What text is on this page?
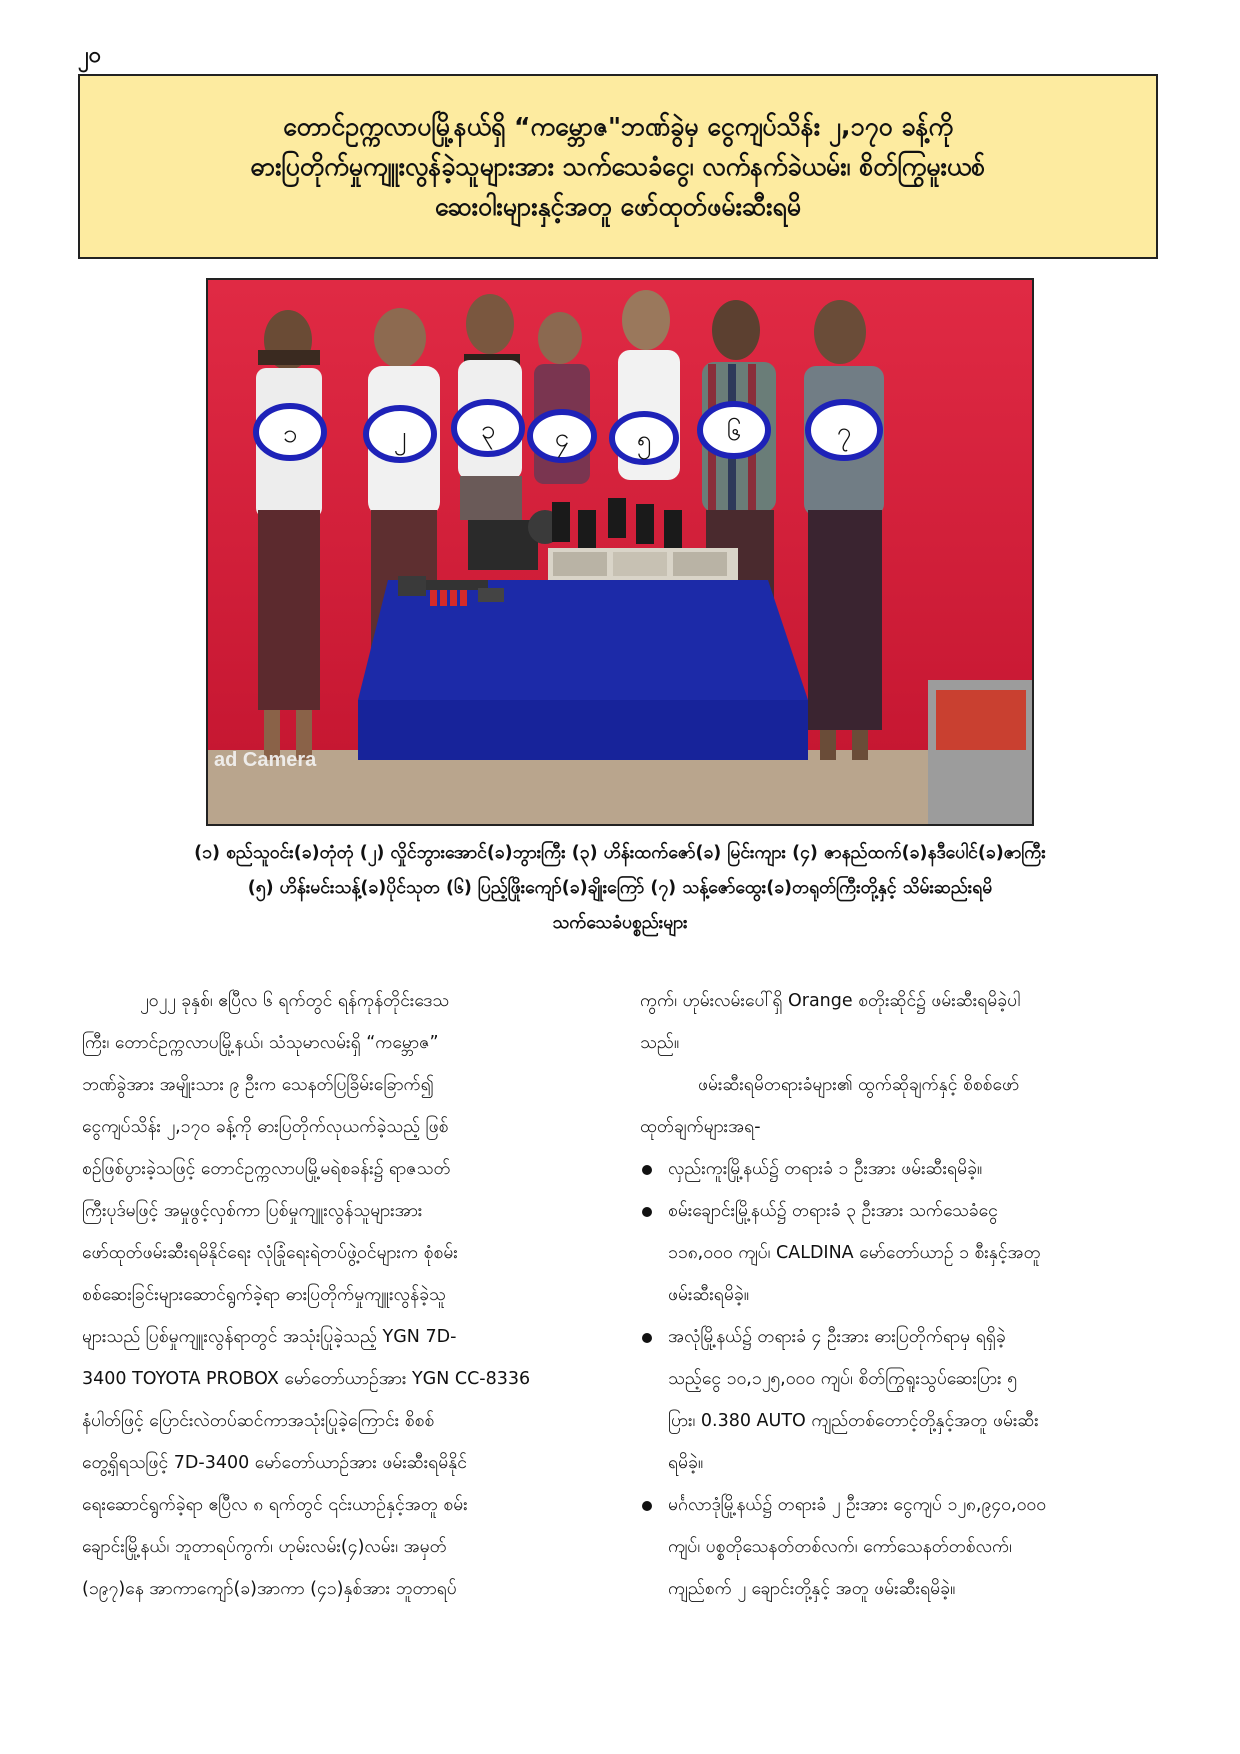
၂၀
တောင်ဥက္ကလာပမြို့နယ်ရှိ “ကမ္ဘောဇ"ဘဏ်ခွဲမှ ငွေကျပ်သိန်း ၂,၁၇၀ ခန့်ကို
ဓားပြတိုက်မှုကျူးလွန်ခဲ့သူများအား သက်သေခံငွေ၊ လက်နက်ခဲယမ်း၊ စိတ်ကြွမူးယစ်
ဆေးဝါးများနှင့်အတူ ဖော်ထုတ်ဖမ်းဆီးရမိ
၁	၂	၃ ၄	၅	၆	၇
ad Camera
(၁) စည်သူဝင်း(ခ)တုံတုံ (၂) လှိုင်ဘွားအောင်(ခ)ဘွားကြီး (၃) ဟိန်းထက်ဇော်(ခ) မြင်းကျား (၄) ဇာနည်ထက်(ခ)နဒီပေါင်(ခ)ဇာကြီး
(၅) ဟိန်းမင်းသန့်(ခ)ပိုင်သုတ (၆) ပြည့်ဖြိုးကျော်(ခ)ချိုးကြော် (၇) သန့်ဇော်ထွေး(ခ)တရုတ်ကြီးတို့နှင့် သိမ်းဆည်းရမိ
သက်သေခံပစ္စည်းများ
၂၀၂၂ ခုနှစ်၊ ဧပြီလ ၆ ရက်တွင် ရန်ကုန်တိုင်းဒေသ
ကြီး၊ တောင်ဥက္ကလာပမြို့နယ်၊ သံသုမာလမ်းရှိ “ကမ္ဘောဇ”
ဘဏ်ခွဲအား အမျိုးသား ၉ ဦးက သေနတ်ပြခြိမ်းခြောက်၍
ငွေကျပ်သိန်း ၂,၁၇၀ ခန့်ကို ဓားပြတိုက်လုယက်ခဲ့သည့် ဖြစ်
စဉ်ဖြစ်ပွားခဲ့သဖြင့် တောင်ဥက္ကလာပမြို့မရဲစခန်း၌ ရာဇသတ်
ကြီးပုဒ်မဖြင့် အမှုဖွင့်လှစ်ကာ ပြစ်မှုကျူးလွန်သူများအား
ဖော်ထုတ်ဖမ်းဆီးရမိနိုင်ရေး လုံခြုံရေးရဲတပ်ဖွဲ့ဝင်များက စုံစမ်း
စစ်ဆေးခြင်းများဆောင်ရွက်ခဲ့ရာ ဓားပြတိုက်မှုကျူးလွန်ခဲ့သူ
များသည် ပြစ်မှုကျူးလွန်ရာတွင် အသုံးပြုခဲ့သည့် YGN 7D-
3400 TOYOTA PROBOX မော်တော်ယာဉ်အား YGN CC-8336
နံပါတ်ဖြင့် ပြောင်းလဲတပ်ဆင်ကာအသုံးပြုခဲ့ကြောင်း စိစစ်
တွေ့ရှိရသဖြင့် 7D-3400 မော်တော်ယာဉ်အား ဖမ်းဆီးရမိနိုင်
ရေးဆောင်ရွက်ခဲ့ရာ ဧပြီလ ၈ ရက်တွင် ၎င်းယာဉ်နှင့်အတူ စမ်း
ချောင်းမြို့နယ်၊ ဘူတာရပ်ကွက်၊ ဟုမ်းလမ်း(၄)လမ်း၊ အမှတ်
(၁၉၇)နေ အာကာကျော်(ခ)အာကာ (၄၁)နှစ်အား ဘူတာရပ်
ကွက်၊ ဟုမ်းလမ်းပေါ်ရှိ Orange စတိုးဆိုင်၌ ဖမ်းဆီးရမိခဲ့ပါ
သည်။
ဖမ်းဆီးရမိတရားခံများ၏ ထွက်ဆိုချက်နှင့် စိစစ်ဖော်
ထုတ်ချက်များအရ-
လှည်းကူးမြို့နယ်၌ တရားခံ ၁ ဦးအား ဖမ်းဆီးရမိခဲ့။
စမ်းချောင်းမြို့နယ်၌ တရားခံ ၃ ဦးအား သက်သေခံငွေ
၁၁၈,၀၀၀ ကျပ်၊ CALDINA မော်တော်ယာဉ် ၁ စီးနှင့်အတူ
ဖမ်းဆီးရမိခဲ့။
အလုံမြို့နယ်၌ တရားခံ ၄ ဦးအား ဓားပြတိုက်ရာမှ ရရှိခဲ့
သည့်ငွေ ၁၀,၁၂၅,၀၀၀ ကျပ်၊ စိတ်ကြွရူးသွပ်ဆေးပြား ၅
ပြား၊ 0.380 AUTO ကျည်တစ်တောင့်တို့နှင့်အတူ ဖမ်းဆီး
ရမိခဲ့။
မင်္ဂလာဒုံမြို့နယ်၌ တရားခံ ၂ ဦးအား ငွေကျပ် ၁၂၈,၉၄၀,၀၀၀
ကျပ်၊ ပစ္စတိုသေနတ်တစ်လက်၊ ကော်သေနတ်တစ်လက်၊
ကျည်စက် ၂ ချောင်းတို့နှင့် အတူ ဖမ်းဆီးရမိခဲ့။
